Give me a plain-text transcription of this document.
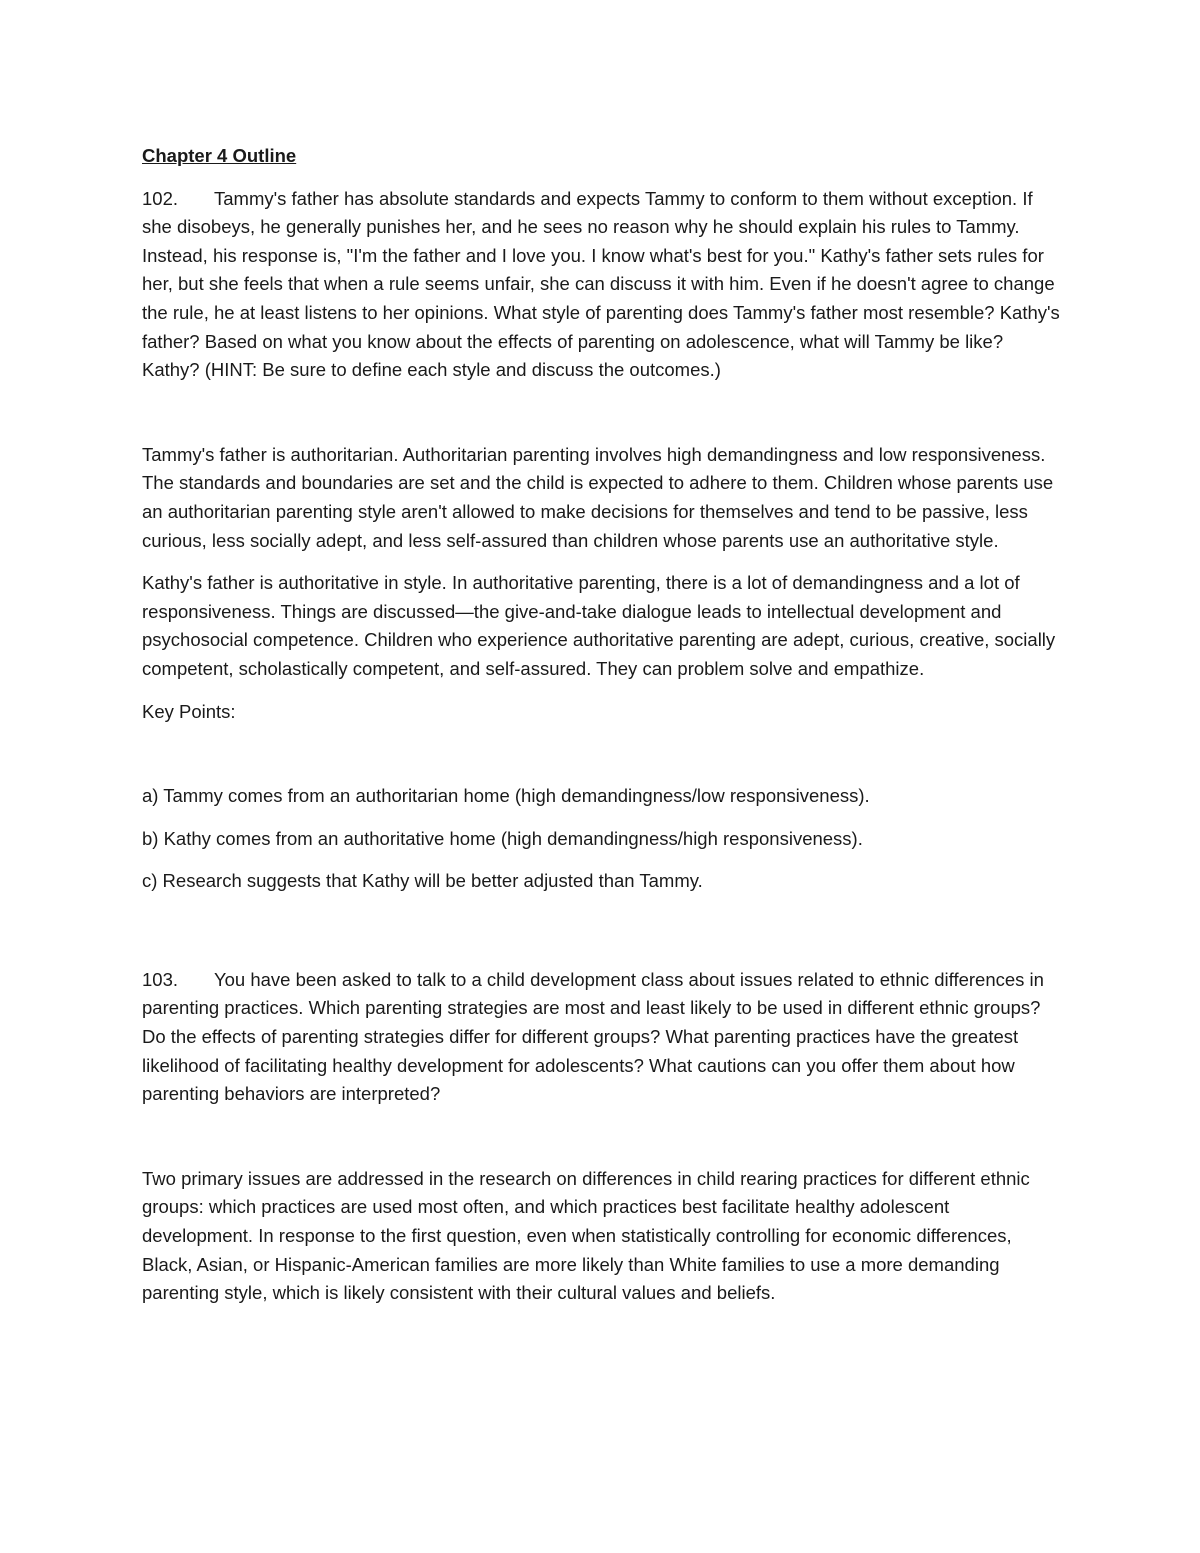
Chapter 4 Outline

102. Tammy's father has absolute standards and expects Tammy to conform to them without exception. If she disobeys, he generally punishes her, and he sees no reason why he should explain his rules to Tammy. Instead, his response is, "I'm the father and I love you. I know what's best for you." Kathy's father sets rules for her, but she feels that when a rule seems unfair, she can discuss it with him. Even if he doesn't agree to change the rule, he at least listens to her opinions. What style of parenting does Tammy's father most resemble? Kathy's father? Based on what you know about the effects of parenting on adolescence, what will Tammy be like? Kathy? (HINT: Be sure to define each style and discuss the outcomes.)

Tammy's father is authoritarian. Authoritarian parenting involves high demandingness and low responsiveness. The standards and boundaries are set and the child is expected to adhere to them. Children whose parents use an authoritarian parenting style aren't allowed to make decisions for themselves and tend to be passive, less curious, less socially adept, and less self-assured than children whose parents use an authoritative style.

Kathy's father is authoritative in style. In authoritative parenting, there is a lot of demandingness and a lot of responsiveness. Things are discussed—the give-and-take dialogue leads to intellectual development and psychosocial competence. Children who experience authoritative parenting are adept, curious, creative, socially competent, scholastically competent, and self-assured. They can problem solve and empathize.

Key Points:

a) Tammy comes from an authoritarian home (high demandingness/low responsiveness).

b) Kathy comes from an authoritative home (high demandingness/high responsiveness).

c) Research suggests that Kathy will be better adjusted than Tammy.

103. You have been asked to talk to a child development class about issues related to ethnic differences in parenting practices. Which parenting strategies are most and least likely to be used in different ethnic groups? Do the effects of parenting strategies differ for different groups? What parenting practices have the greatest likelihood of facilitating healthy development for adolescents? What cautions can you offer them about how parenting behaviors are interpreted?

Two primary issues are addressed in the research on differences in child rearing practices for different ethnic groups: which practices are used most often, and which practices best facilitate healthy adolescent development. In response to the first question, even when statistically controlling for economic differences, Black, Asian, or Hispanic-American families are more likely than White families to use a more demanding parenting style, which is likely consistent with their cultural values and beliefs.
